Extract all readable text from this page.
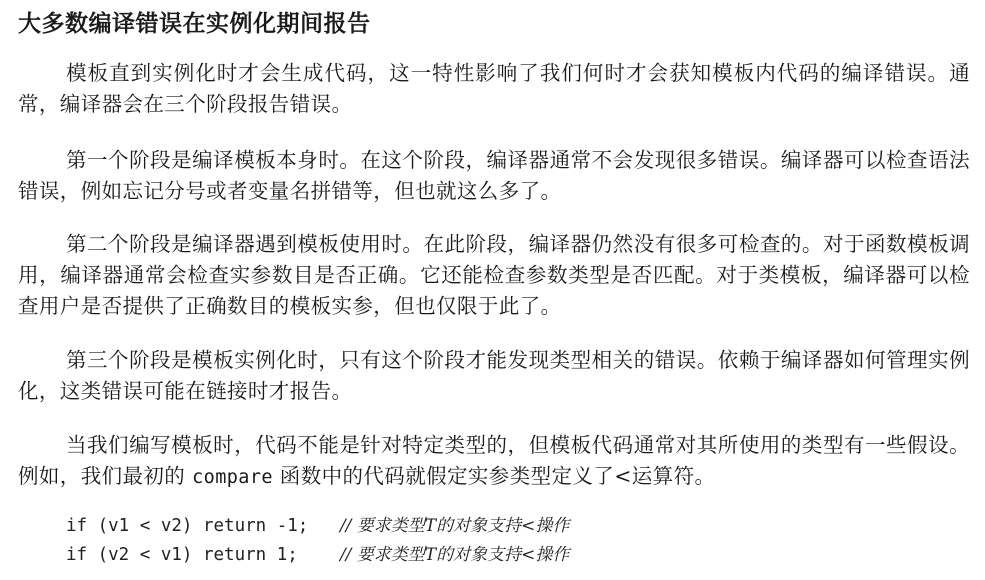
大多数编译错误在实例化期间报告

模板直到实例化时才会生成代码，这一特性影响了我们何时才会获知模板内代码的编译错误。通常，编译器会在三个阶段报告错误。

第一个阶段是编译模板本身时。在这个阶段，编译器通常不会发现很多错误。编译器可以检查语法错误，例如忘记分号或者变量名拼错等，但也就这么多了。

第二个阶段是编译器遇到模板使用时。在此阶段，编译器仍然没有很多可检查的。对于函数模板调用，编译器通常会检查实参数目是否正确。它还能检查参数类型是否匹配。对于类模板，编译器可以检查用户是否提供了正确数目的模板实参，但也仅限于此了。

第三个阶段是模板实例化时，只有这个阶段才能发现类型相关的错误。依赖于编译器如何管理实例化，这类错误可能在链接时才报告。

当我们编写模板时，代码不能是针对特定类型的，但模板代码通常对其所使用的类型有一些假设。例如，我们最初的 compare 函数中的代码就假定实参类型定义了<运算符。

if (v1 < v2) return -1;   // 要求类型T的对象支持<操作
if (v2 < v1) return 1;    // 要求类型T的对象支持<操作
